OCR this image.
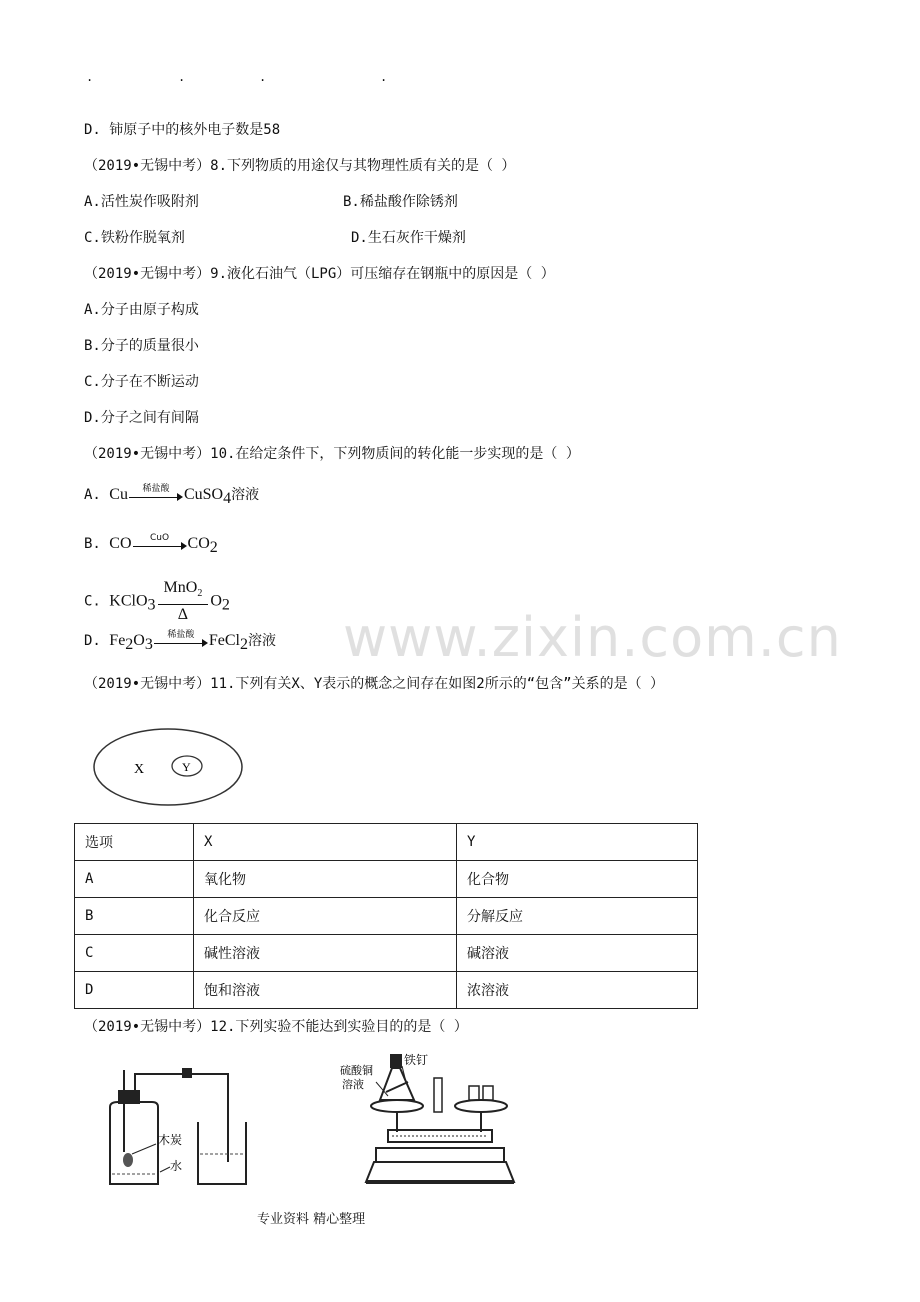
.	.	.	.
www.zixin.com.cn
D. 铈原子中的核外电子数是58
（2019•无锡中考）8.下列物质的用途仅与其物理性质有关的是（ ）
A.活性炭作吸附剂	B.稀盐酸作除锈剂
C.铁粉作脱氧剂	D.生石灰作干燥剂
（2019•无锡中考）9.液化石油气（LPG）可压缩存在钢瓶中的原因是（ ）
A.分子由原子构成
B.分子的质量很小
C.分子在不断运动
D.分子之间有间隔
（2019•无锡中考）10.在给定条件下，下列物质间的转化能一步实现的是（ ）
A. Cu	稀盐酸 CuSO$_4$溶液
B. CO	CuO	$CO_2$
C. KClO$_3$ $\frac{MnO_2}{\Delta} O_2$
D. $Fe_2O_3$
稀盐酸 FeCl$_2$溶液
（2019•无锡中考）11.下列有关X、Y表示的概念之间存在如图2所示的“包含”关系的是（ ）
X	Y
选项	X	Y
A	氧化物	化合物
B	化合反应	分解反应
C	碱性溶液	碱溶液
D	饱和溶液	浓溶液
（2019•无锡中考）12.下列实验不能达到实验目的的是（ ）
木炭
水
硫酸铜
溶液
铁钉
专业资料 精心整理
